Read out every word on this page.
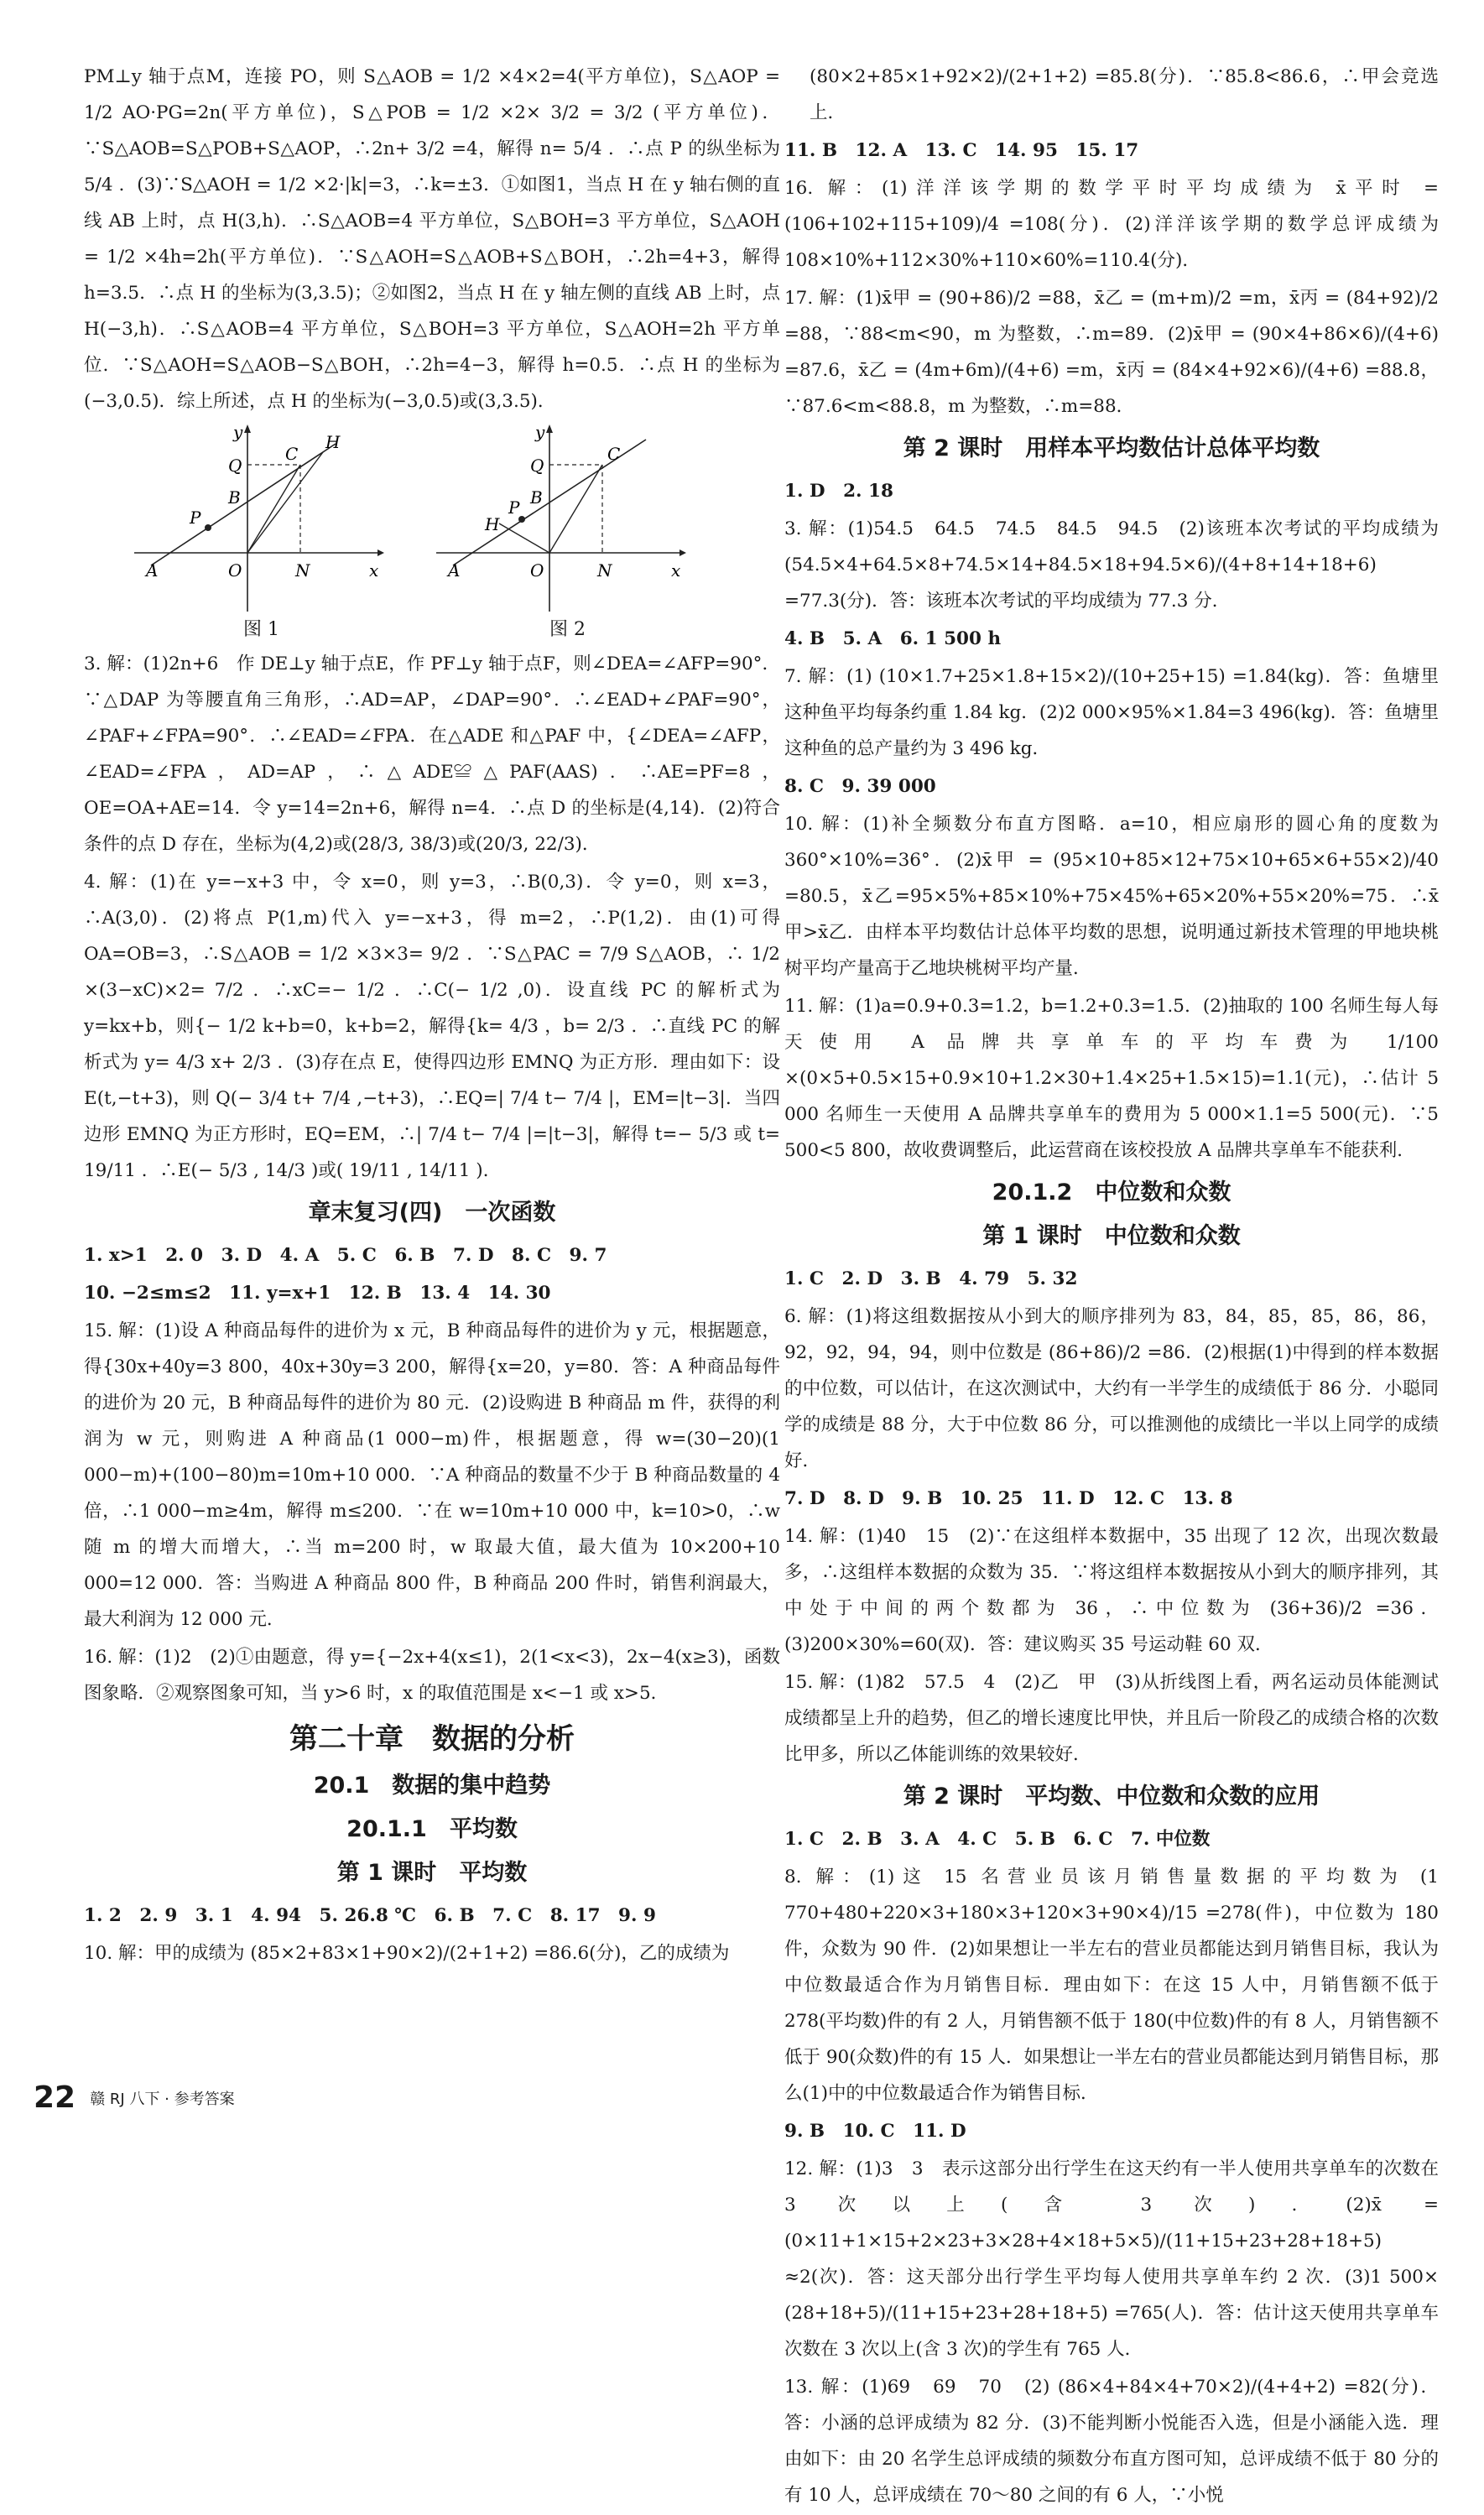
PM⊥y 轴于点M，连接 PO，则 S△AOB = 1/2 ×4×2=4(平方单位)，S△AOP = 1/2 AO·PG=2n(平方单位)，S△POB = 1/2 ×2× 3/2 = 3/2 (平方单位)．∵S△AOB=S△POB+S△AOP，∴2n+ 3/2 =4，解得 n= 5/4 ．∴点 P 的纵坐标为 5/4 ．(3)∵S△AOH = 1/2 ×2·|k|=3，∴k=±3．①如图1，当点 H 在 y 轴右侧的直线 AB 上时，点 H(3,h)．∴S△AOB=4 平方单位，S△BOH=3 平方单位，S△AOH = 1/2 ×4h=2h(平方单位)．∵S△AOH=S△AOB+S△BOH，∴2h=4+3，解得 h=3.5．∴点 H 的坐标为(3,3.5)；②如图2，当点 H 在 y 轴左侧的直线 AB 上时，点 H(−3,h)．∴S△AOB=4 平方单位，S△BOH=3 平方单位，S△AOH=2h 平方单位．∵S△AOH=S△AOB−S△BOH，∴2h=4−3，解得 h=0.5．∴点 H 的坐标为(−3,0.5)．综上所述，点 H 的坐标为(−3,0.5)或(3,3.5)．

A	O	N	x
y
Q
B
P
C
H
图 1
A	O	N	x
y
Q
B
P
H
C
图 2

3. 解：(1)2n+6　作 DE⊥y 轴于点E，作 PF⊥y 轴于点F，则∠DEA=∠AFP=90°．∵△DAP 为等腰直角三角形，∴AD=AP，∠DAP=90°．∴∠EAD+∠PAF=90°，∠PAF+∠FPA=90°．∴∠EAD=∠FPA．在△ADE 和△PAF 中，{∠DEA=∠AFP，∠EAD=∠FPA，AD=AP，∴△ADE≌△PAF(AAS)．∴AE=PF=8，OE=OA+AE=14．令 y=14=2n+6，解得 n=4．∴点 D 的坐标是(4,14)．(2)符合条件的点 D 存在，坐标为(4,2)或(28/3, 38/3)或(20/3, 22/3)．

4. 解：(1)在 y=−x+3 中，令 x=0，则 y=3，∴B(0,3)．令 y=0，则 x=3，∴A(3,0)．(2)将点 P(1,m)代入 y=−x+3，得 m=2，∴P(1,2)．由(1)可得 OA=OB=3，∴S△AOB = 1/2 ×3×3= 9/2 ．∵S△PAC = 7/9 S△AOB，∴ 1/2 ×(3−xC)×2= 7/2 ．∴xC=− 1/2 ．∴C(− 1/2 ,0)．设直线 PC 的解析式为 y=kx+b，则{− 1/2 k+b=0，k+b=2，解得{k= 4/3 ，b= 2/3 ．∴直线 PC 的解析式为 y= 4/3 x+ 2/3 ．(3)存在点 E，使得四边形 EMNQ 为正方形．理由如下：设 E(t,−t+3)，则 Q(− 3/4 t+ 7/4 ,−t+3)，∴EQ=| 7/4 t− 7/4 |，EM=|t−3|．当四边形 EMNQ 为正方形时，EQ=EM，∴| 7/4 t− 7/4 |=|t−3|，解得 t=− 5/3 或 t= 19/11 ．∴E(− 5/3 , 14/3 )或( 19/11 , 14/11 )．

章末复习(四)　一次函数

1. x>1　2. 0　3. D　4. A　5. C　6. B　7. D　8. C　9. 7

10. −2≤m≤2　11. y=x+1　12. B　13. 4　14. 30

15. 解：(1)设 A 种商品每件的进价为 x 元，B 种商品每件的进价为 y 元，根据题意，得{30x+40y=3 800，40x+30y=3 200，解得{x=20，y=80．答：A 种商品每件的进价为 20 元，B 种商品每件的进价为 80 元．(2)设购进 B 种商品 m 件，获得的利润为 w 元，则购进 A 种商品(1 000−m)件，根据题意，得 w=(30−20)(1 000−m)+(100−80)m=10m+10 000．∵A 种商品的数量不少于 B 种商品数量的 4 倍，∴1 000−m≥4m，解得 m≤200．∵在 w=10m+10 000 中，k=10>0，∴w 随 m 的增大而增大，∴当 m=200 时，w 取最大值，最大值为 10×200+10 000=12 000．答：当购进 A 种商品 800 件，B 种商品 200 件时，销售利润最大，最大利润为 12 000 元．

16. 解：(1)2　(2)①由题意，得 y={−2x+4(x≤1)，2(1<x<3)，2x−4(x≥3)，函数图象略．②观察图象可知，当 y>6 时，x 的取值范围是 x<−1 或 x>5．

第二十章　数据的分析
20.1　数据的集中趋势
20.1.1　平均数
第 1 课时　平均数

1. 2　2. 9　3. 1　4. 94　5. 26.8 ℃　6. B　7. C　8. 17　9. 9

10. 解：甲的成绩为 (85×2+83×1+90×2)/(2+1+2) =86.6(分)，乙的成绩为

(80×2+85×1+92×2)/(2+1+2) =85.8(分)．∵85.8<86.6，∴甲会竞选上．

11. B　12. A　13. C　14. 95　15. 17

16. 解：(1)洋洋该学期的数学平时平均成绩为 x̄平时 = (106+102+115+109)/4 =108(分)．(2)洋洋该学期的数学总评成绩为 108×10%+112×30%+110×60%=110.4(分)．

17. 解：(1)x̄甲 = (90+86)/2 =88，x̄乙 = (m+m)/2 =m，x̄丙 = (84+92)/2 =88，∵88<m<90，m 为整数，∴m=89．(2)x̄甲 = (90×4+86×6)/(4+6) =87.6，x̄乙 = (4m+6m)/(4+6) =m，x̄丙 = (84×4+92×6)/(4+6) =88.8，∵87.6<m<88.8，m 为整数，∴m=88．

第 2 课时　用样本平均数估计总体平均数

1. D　2. 18

3. 解：(1)54.5　64.5　74.5　84.5　94.5　(2)该班本次考试的平均成绩为 (54.5×4+64.5×8+74.5×14+84.5×18+94.5×6)/(4+8+14+18+6) =77.3(分)．答：该班本次考试的平均成绩为 77.3 分．

4. B　5. A　6. 1 500 h

7. 解：(1) (10×1.7+25×1.8+15×2)/(10+25+15) =1.84(kg)．答：鱼塘里这种鱼平均每条约重 1.84 kg．(2)2 000×95%×1.84=3 496(kg)．答：鱼塘里这种鱼的总产量约为 3 496 kg．

8. C　9. 39 000

10. 解：(1)补全频数分布直方图略．a=10，相应扇形的圆心角的度数为 360°×10%=36°．(2)x̄甲 = (95×10+85×12+75×10+65×6+55×2)/40 =80.5，x̄乙=95×5%+85×10%+75×45%+65×20%+55×20%=75．∴x̄甲>x̄乙．由样本平均数估计总体平均数的思想，说明通过新技术管理的甲地块桃树平均产量高于乙地块桃树平均产量．

11. 解：(1)a=0.9+0.3=1.2，b=1.2+0.3=1.5．(2)抽取的 100 名师生每人每天使用 A 品牌共享单车的平均车费为 1/100 ×(0×5+0.5×15+0.9×10+1.2×30+1.4×25+1.5×15)=1.1(元)，∴估计 5 000 名师生一天使用 A 品牌共享单车的费用为 5 000×1.1=5 500(元)．∵5 500<5 800，故收费调整后，此运营商在该校投放 A 品牌共享单车不能获利．

20.1.2　中位数和众数
第 1 课时　中位数和众数

1. C　2. D　3. B　4. 79　5. 32

6. 解：(1)将这组数据按从小到大的顺序排列为 83，84，85，85，86，86，92，92，94，94，则中位数是 (86+86)/2 =86．(2)根据(1)中得到的样本数据的中位数，可以估计，在这次测试中，大约有一半学生的成绩低于 86 分．小聪同学的成绩是 88 分，大于中位数 86 分，可以推测他的成绩比一半以上同学的成绩好．

7. D　8. D　9. B　10. 25　11. D　12. C　13. 8

14. 解：(1)40　15　(2)∵在这组样本数据中，35 出现了 12 次，出现次数最多，∴这组样本数据的众数为 35．∵将这组样本数据按从小到大的顺序排列，其中处于中间的两个数都为 36，∴中位数为 (36+36)/2 =36．(3)200×30%=60(双)．答：建议购买 35 号运动鞋 60 双．

15. 解：(1)82　57.5　4　(2)乙　甲　(3)从折线图上看，两名运动员体能测试成绩都呈上升的趋势，但乙的增长速度比甲快，并且后一阶段乙的成绩合格的次数比甲多，所以乙体能训练的效果较好．

第 2 课时　平均数、中位数和众数的应用

1. C　2. B　3. A　4. C　5. B　6. C　7. 中位数

8. 解：(1)这 15 名营业员该月销售量数据的平均数为 (1 770+480+220×3+180×3+120×3+90×4)/15 =278(件)，中位数为 180 件，众数为 90 件．(2)如果想让一半左右的营业员都能达到月销售目标，我认为中位数最适合作为月销售目标．理由如下：在这 15 人中，月销售额不低于 278(平均数)件的有 2 人，月销售额不低于 180(中位数)件的有 8 人，月销售额不低于 90(众数)件的有 15 人．如果想让一半左右的营业员都能达到月销售目标，那么(1)中的中位数最适合作为销售目标．

9. B　10. C　11. D

12. 解：(1)3　3　表示这部分出行学生在这天约有一半人使用共享单车的次数在 3 次以上(含 3 次)．(2)x̄ = (0×11+1×15+2×23+3×28+4×18+5×5)/(11+15+23+28+18+5) ≈2(次)．答：这天部分出行学生平均每人使用共享单车约 2 次．(3)1 500× (28+18+5)/(11+15+23+28+18+5) =765(人)．答：估计这天使用共享单车次数在 3 次以上(含 3 次)的学生有 765 人．

13. 解：(1)69　69　70　(2) (86×4+84×4+70×2)/(4+4+2) =82(分)．答：小涵的总评成绩为 82 分．(3)不能判断小悦能否入选，但是小涵能入选．理由如下：由 20 名学生总评成绩的频数分布直方图可知，总评成绩不低于 80 分的有 10 人，总评成绩在 70～80 之间的有 6 人，∵小悦

22 赣 RJ 八下 · 参考答案
